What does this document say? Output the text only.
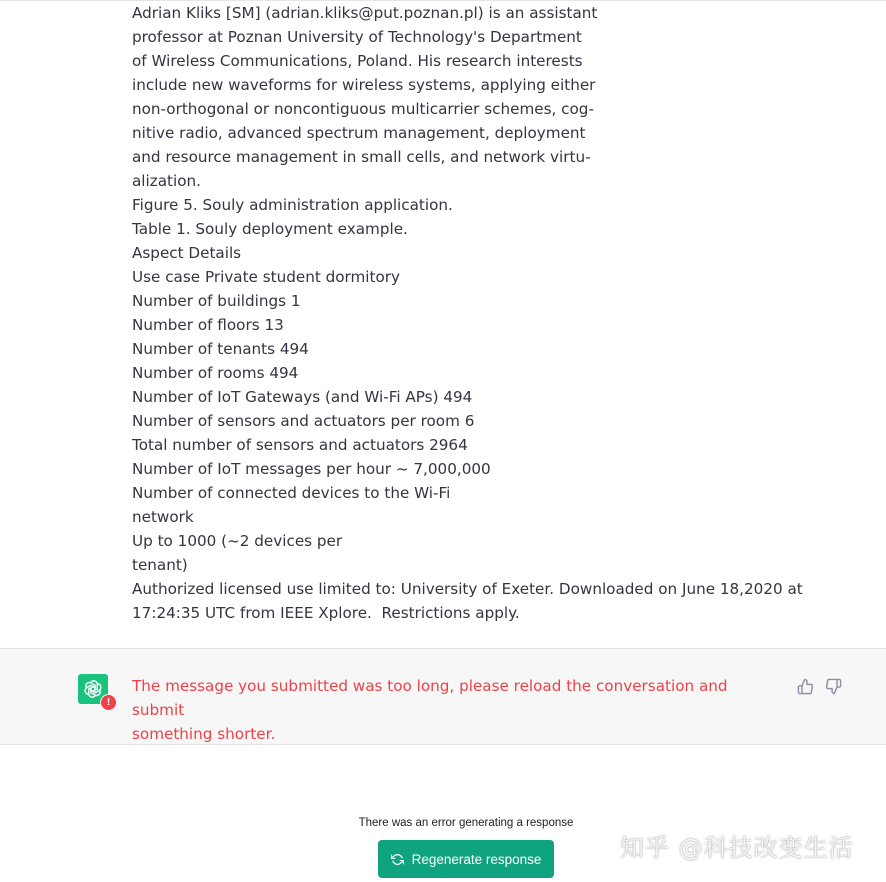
Adrian Kliks [SM] (adrian.kliks@put.poznan.pl) is an assistant
professor at Poznan University of Technology's Department
of Wireless Communications, Poland. His research interests
include new waveforms for wireless systems, applying either
non-orthogonal or noncontiguous multicarrier schemes, cog-
nitive radio, advanced spectrum management, deployment
and resource management in small cells, and network virtu-
alization.
Figure 5. Souly administration application.
Table 1. Souly deployment example.
Aspect Details
Use case Private student dormitory
Number of buildings 1
Number of floors 13
Number of tenants 494
Number of rooms 494
Number of IoT Gateways (and Wi-Fi APs) 494
Number of sensors and actuators per room 6
Total number of sensors and actuators 2964
Number of IoT messages per hour ~ 7,000,000
Number of connected devices to the Wi-Fi
network
Up to 1000 (~2 devices per
tenant)
Authorized licensed use limited to: University of Exeter. Downloaded on June 18,2020 at
17:24:35 UTC from IEEE Xplore.  Restrictions apply.
!
The message you submitted was too long, please reload the conversation and submit
something shorter.
There was an error generating a response
Regenerate response	知乎 @科技改变生活
